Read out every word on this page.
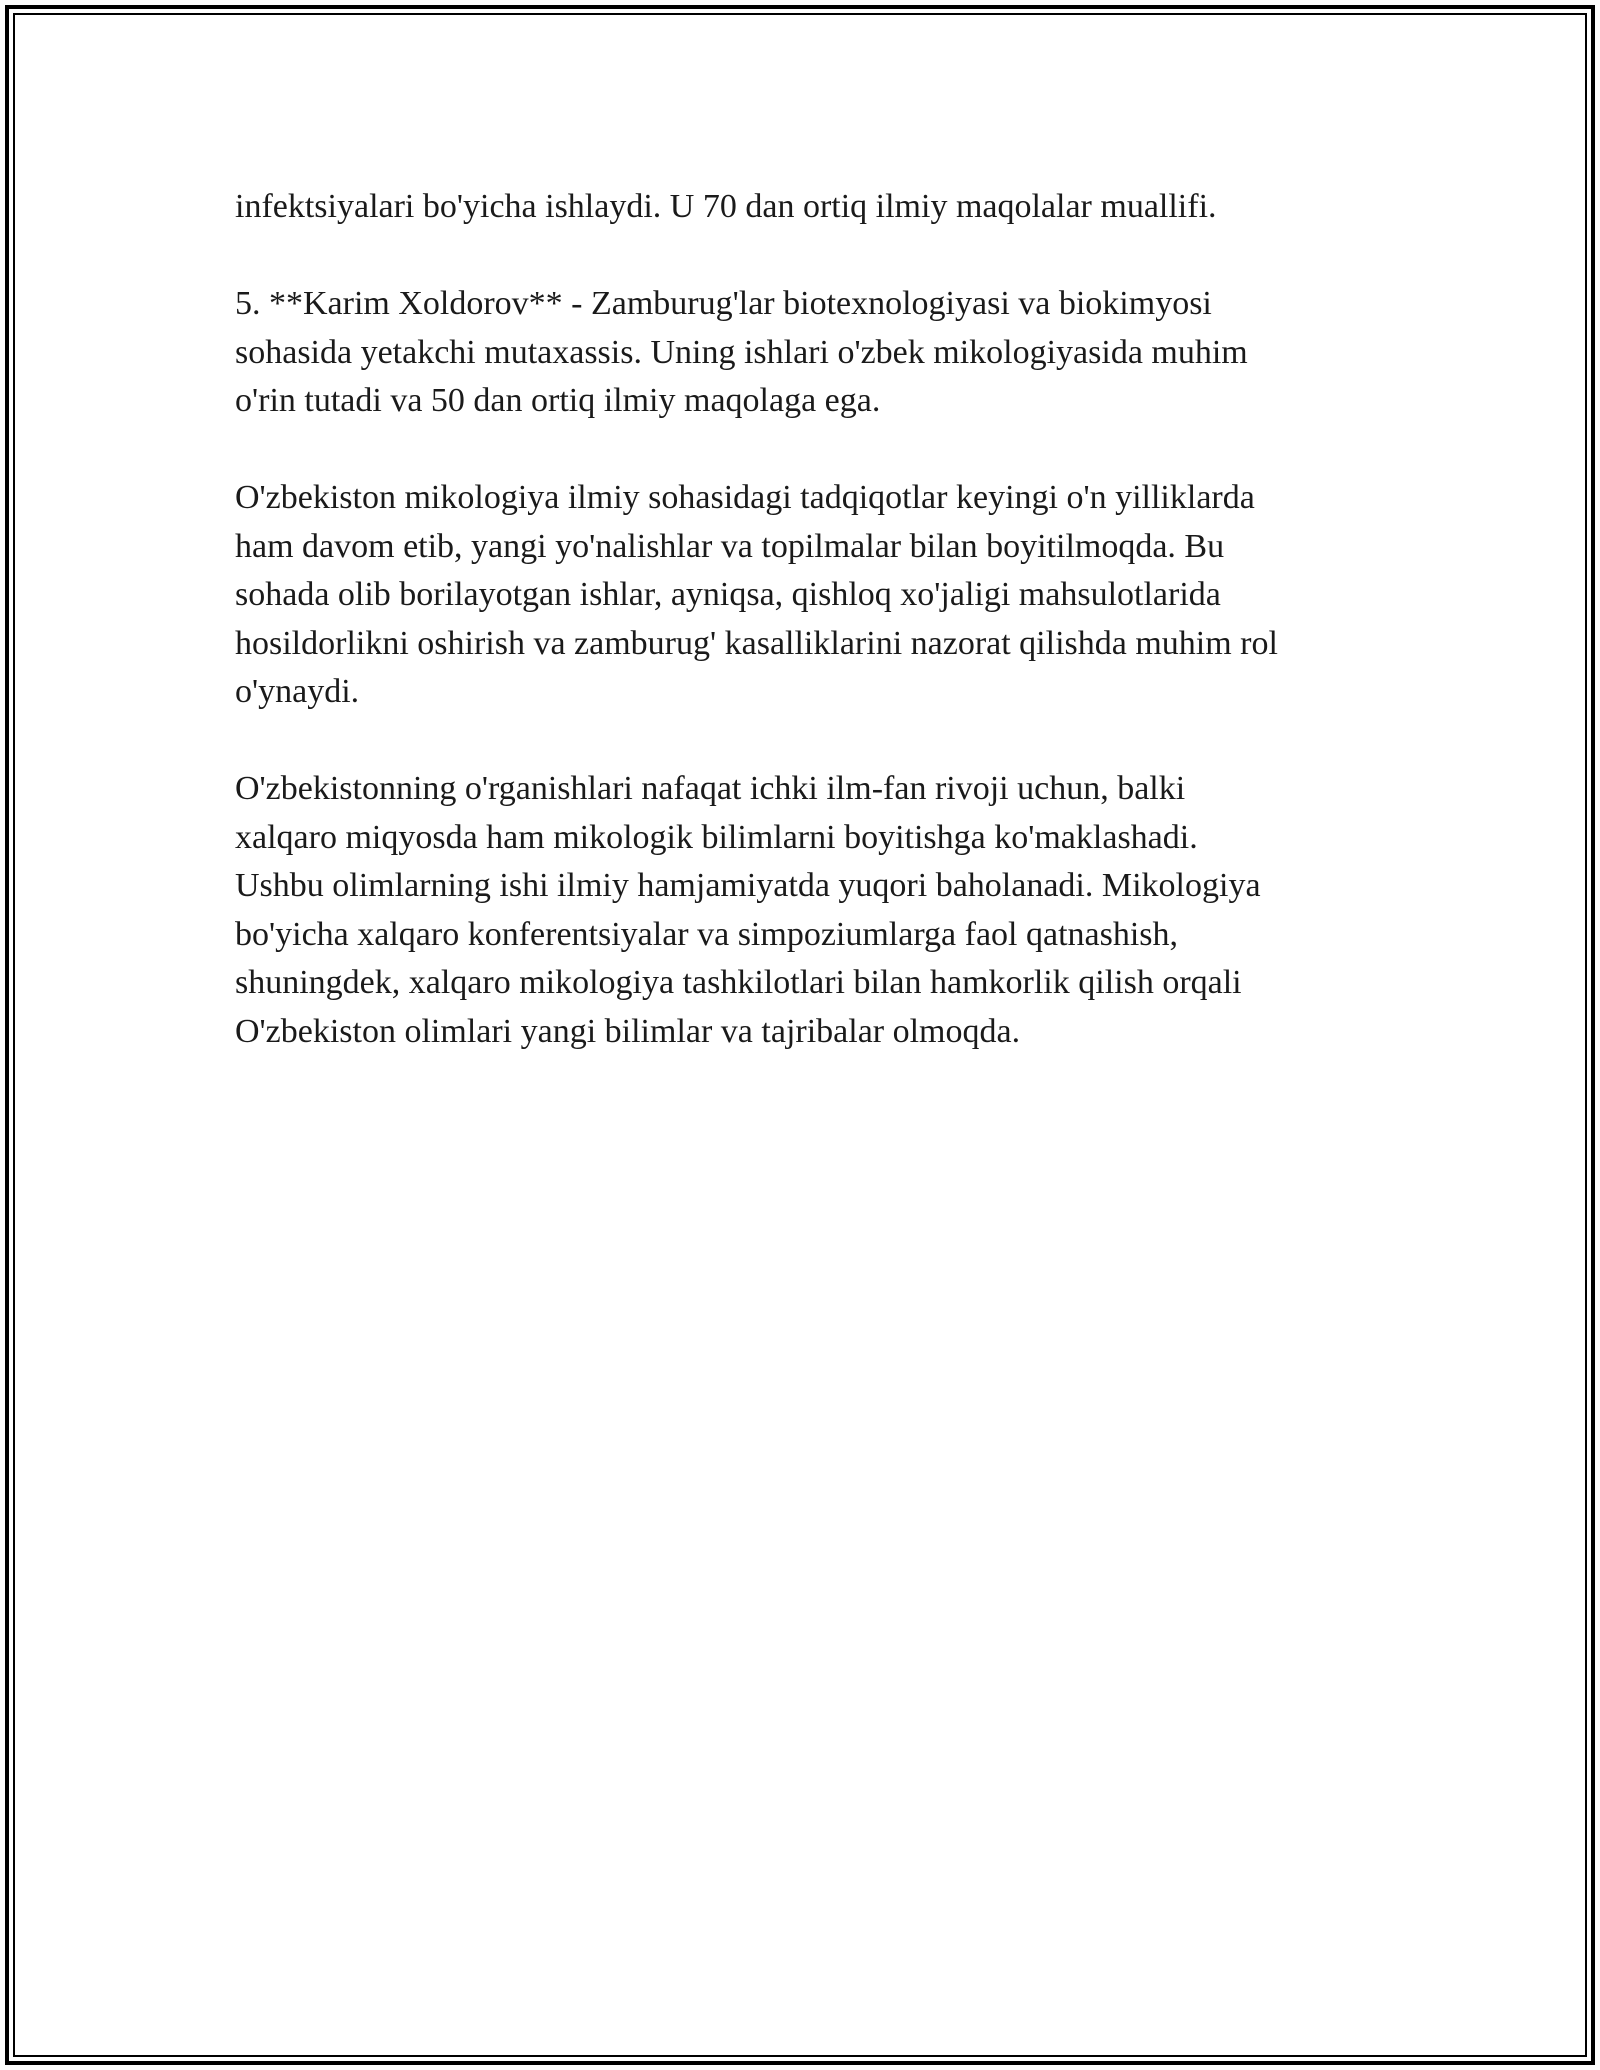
infektsiyalari bo'yicha ishlaydi. U 70 dan ortiq ilmiy maqolalar muallifi.

5. **Karim Xoldorov** - Zamburug'lar biotexnologiyasi va biokimyosi
sohasida yetakchi mutaxassis. Uning ishlari o'zbek mikologiyasida muhim
o'rin tutadi va 50 dan ortiq ilmiy maqolaga ega.

O'zbekiston mikologiya ilmiy sohasidagi tadqiqotlar keyingi o'n yilliklarda
ham davom etib, yangi yo'nalishlar va topilmalar bilan boyitilmoqda. Bu
sohada olib borilayotgan ishlar, ayniqsa, qishloq xo'jaligi mahsulotlarida
hosildorlikni oshirish va zamburug' kasalliklarini nazorat qilishda muhim rol
o'ynaydi.

O'zbekistonning o'rganishlari nafaqat ichki ilm-fan rivoji uchun, balki
xalqaro miqyosda ham mikologik bilimlarni boyitishga ko'maklashadi.
Ushbu olimlarning ishi ilmiy hamjamiyatda yuqori baholanadi. Mikologiya
bo'yicha xalqaro konferentsiyalar va simpoziumlarga faol qatnashish,
shuningdek, xalqaro mikologiya tashkilotlari bilan hamkorlik qilish orqali
O'zbekiston olimlari yangi bilimlar va tajribalar olmoqda.
